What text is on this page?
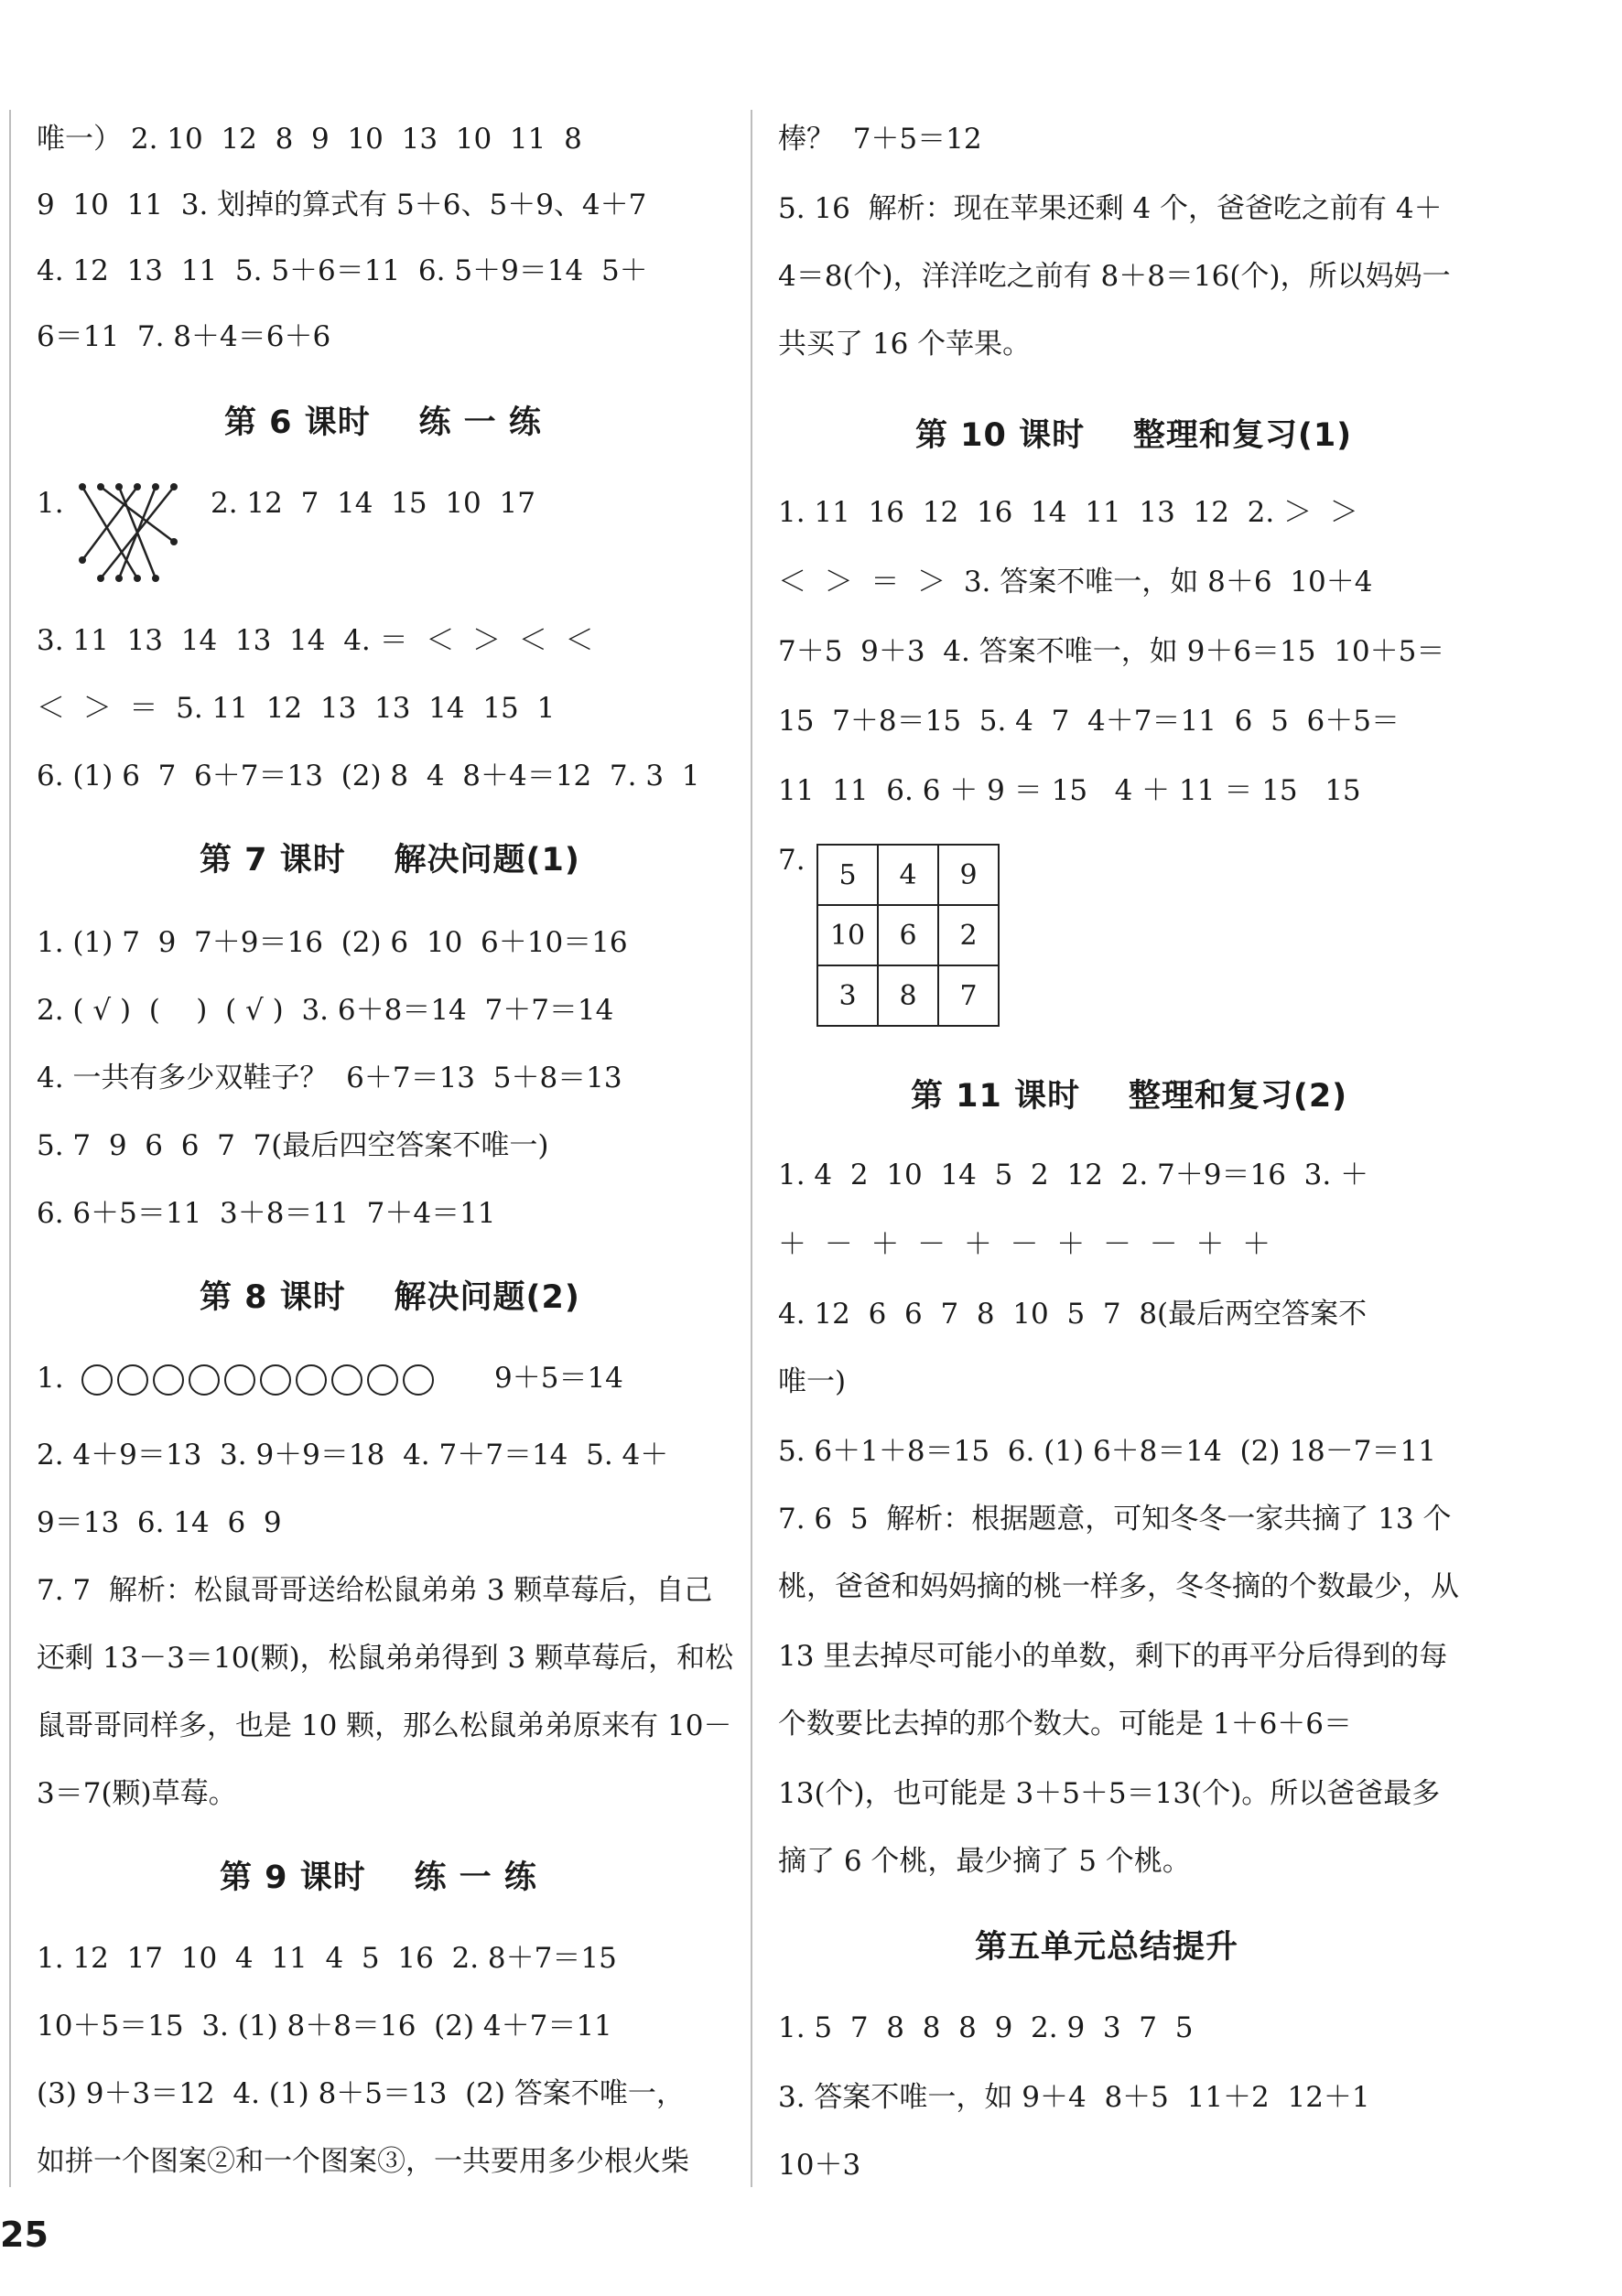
唯一） 2. 10  12  8  9  10  13  10  11  8
9  10  11  3. 划掉的算式有 5＋6、5＋9、4＋7
4. 12  13  11  5. 5＋6＝11  6. 5＋9＝14  5＋
6＝11  7. 8＋4＝6＋6
第 6 课时    练 一 练
1.	2. 12  7  14  15  10  17
3. 11  13  14  13  14  4. ＝  ＜  ＞  ＜  ＜
＜  ＞  ＝  5. 11  12  13  13  14  15  1
6. (1) 6  7  6＋7＝13  (2) 8  4  8＋4＝12  7. 3  1
第 7 课时    解决问题(1)
1. (1) 7  9  7＋9＝16  (2) 6  10  6＋10＝16
2. ( √ )  (    )  ( √ )  3. 6＋8＝14  7＋7＝14
4. 一共有多少双鞋子？  6＋7＝13  5＋8＝13
5. 7  9  6  6  7  7(最后四空答案不唯一)
6. 6＋5＝11  3＋8＝11  7＋4＝11
第 8 课时    解决问题(2)
1.	9＋5＝14
2. 4＋9＝13  3. 9＋9＝18  4. 7＋7＝14  5. 4＋
9＝13  6. 14  6  9
7. 7  解析：松鼠哥哥送给松鼠弟弟 3 颗草莓后，自己
还剩 13－3＝10(颗)，松鼠弟弟得到 3 颗草莓后，和松
鼠哥哥同样多，也是 10 颗，那么松鼠弟弟原来有 10－
3＝7(颗)草莓。
第 9 课时    练 一 练
1. 12  17  10  4  11  4  5  16  2. 8＋7＝15
10＋5＝15  3. (1) 8＋8＝16  (2) 4＋7＝11
(3) 9＋3＝12  4. (1) 8＋5＝13  (2) 答案不唯一，
如拼一个图案②和一个图案③，一共要用多少根火柴
25
棒？  7＋5＝12
5. 16  解析：现在苹果还剩 4 个，爸爸吃之前有 4＋
4＝8(个)，洋洋吃之前有 8＋8＝16(个)，所以妈妈一
共买了 16 个苹果。
第 10 课时    整理和复习(1)
1. 11  16  12  16  14  11  13  12  2. ＞  ＞
＜  ＞  ＝  ＞  3. 答案不唯一，如 8＋6  10＋4
7＋5  9＋3  4. 答案不唯一，如 9＋6＝15  10＋5＝
15  7＋8＝15  5. 4  7  4＋7＝11  6  5  6＋5＝
11  11  6. 6 ＋ 9 ＝ 15   4 ＋ 11 ＝ 15   15
7. 5	4	9
10	6	2
3	8	7
第 11 课时    整理和复习(2)
1. 4  2  10  14  5  2  12  2. 7＋9＝16  3. ＋
＋  －  ＋  －  ＋  －  ＋  －  －  ＋  ＋
4. 12  6  6  7  8  10  5  7  8(最后两空答案不
唯一)
5. 6＋1＋8＝15  6. (1) 6＋8＝14  (2) 18－7＝11
7. 6  5  解析：根据题意，可知冬冬一家共摘了 13 个
桃，爸爸和妈妈摘的桃一样多，冬冬摘的个数最少，从
13 里去掉尽可能小的单数，剩下的再平分后得到的每
个数要比去掉的那个数大。可能是 1＋6＋6＝
13(个)，也可能是 3＋5＋5＝13(个)。所以爸爸最多
摘了 6 个桃，最少摘了 5 个桃。
第五单元总结提升
1. 5  7  8  8  8  9  2. 9  3  7  5
3. 答案不唯一，如 9＋4  8＋5  11＋2  12＋1
10＋3
